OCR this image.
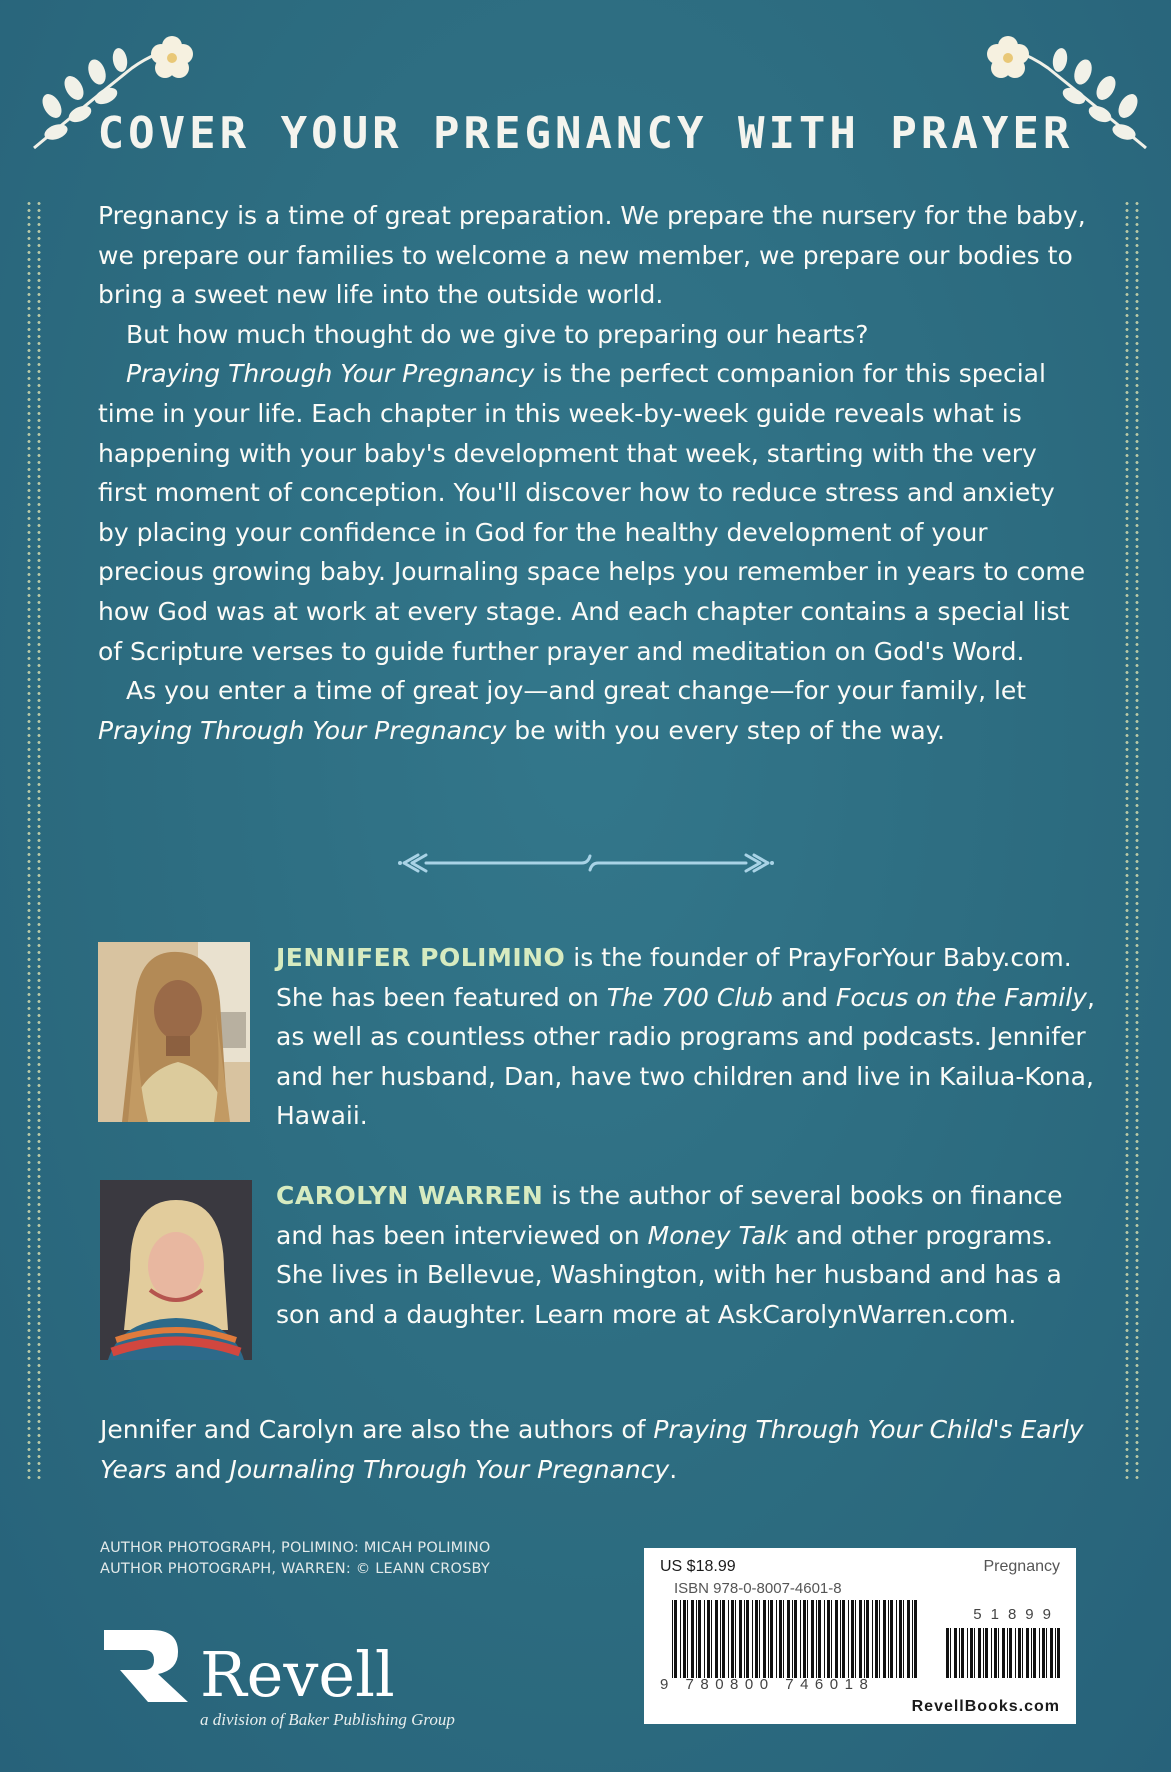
COVER YOUR PREGNANCY WITH PRAYER

Pregnancy is a time of great preparation. We prepare the nursery for the baby, we prepare our families to welcome a new member, we prepare our bodies to bring a sweet new life into the outside world.

But how much thought do we give to preparing our hearts?

Praying Through Your Pregnancy is the perfect companion for this special time in your life. Each chapter in this week-by-week guide reveals what is happening with your baby's development that week, starting with the very first moment of conception. You'll discover how to reduce stress and anxiety by placing your confidence in God for the healthy development of your precious growing baby. Journaling space helps you remember in years to come how God was at work at every stage. And each chapter contains a special list of Scripture verses to guide further prayer and meditation on God's Word.

As you enter a time of great joy—and great change—for your family, let Praying Through Your Pregnancy be with you every step of the way.

JENNIFER POLIMINO is the founder of PrayForYour Baby.com. She has been featured on The 700 Club and Focus on the Family, as well as countless other radio programs and podcasts. Jennifer and her husband, Dan, have two children and live in Kailua-Kona, Hawaii.
CAROLYN WARREN is the author of several books on finance and has been interviewed on Money Talk and other programs. She lives in Bellevue, Washington, with her husband and has a son and a daughter. Learn more at AskCarolynWarren.com.
Jennifer and Carolyn are also the authors of Praying Through Your Child's Early Years and Journaling Through Your Pregnancy.
AUTHOR PHOTOGRAPH, POLIMINO: MICAH POLIMINO
AUTHOR PHOTOGRAPH, WARREN: © LEANN CROSBY
Revell
a division of Baker Publishing Group
US $18.99	Pregnancy
ISBN 978-0-8007-4601-8
51899
9 780800 746018
RevellBooks.com
